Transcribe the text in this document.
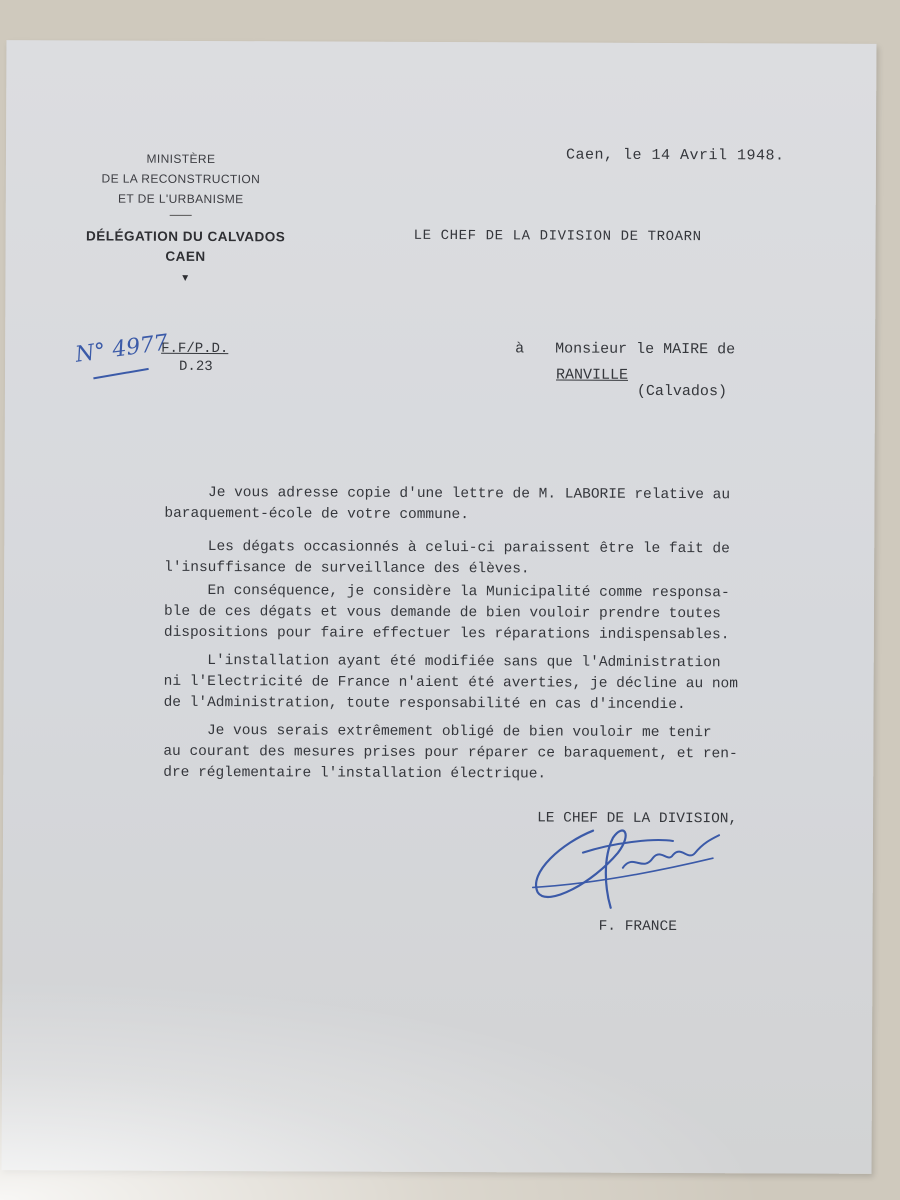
MINISTÈRE
DE LA RECONSTRUCTION
ET DE L'URBANISME
DÉLÉGATION DU CALVADOS
CAEN
▼
Caen, le 14 Avril 1948.
LE CHEF DE LA DIVISION DE TROARN
N° 4977
F.F/P.D.
D.23
à Monsieur le MAIRE de
RANVILLE
(Calvados)
Je vous adresse copie d'une lettre de M. LABORIE relative au
baraquement-école de votre commune.
Les dégats occasionnés à celui-ci paraissent être le fait de
l'insuffisance de surveillance des élèves.
En conséquence, je considère la Municipalité comme responsa-
ble de ces dégats et vous demande de bien vouloir prendre toutes
dispositions pour faire effectuer les réparations indispensables.
L'installation ayant été modifiée sans que l'Administration
ni l'Electricité de France n'aient été averties, je décline au nom
de l'Administration, toute responsabilité en cas d'incendie.
Je vous serais extrêmement obligé de bien vouloir me tenir
au courant des mesures prises pour réparer ce baraquement, et ren-
dre réglementaire l'installation électrique.
LE CHEF DE LA DIVISION,
F. FRANCE
